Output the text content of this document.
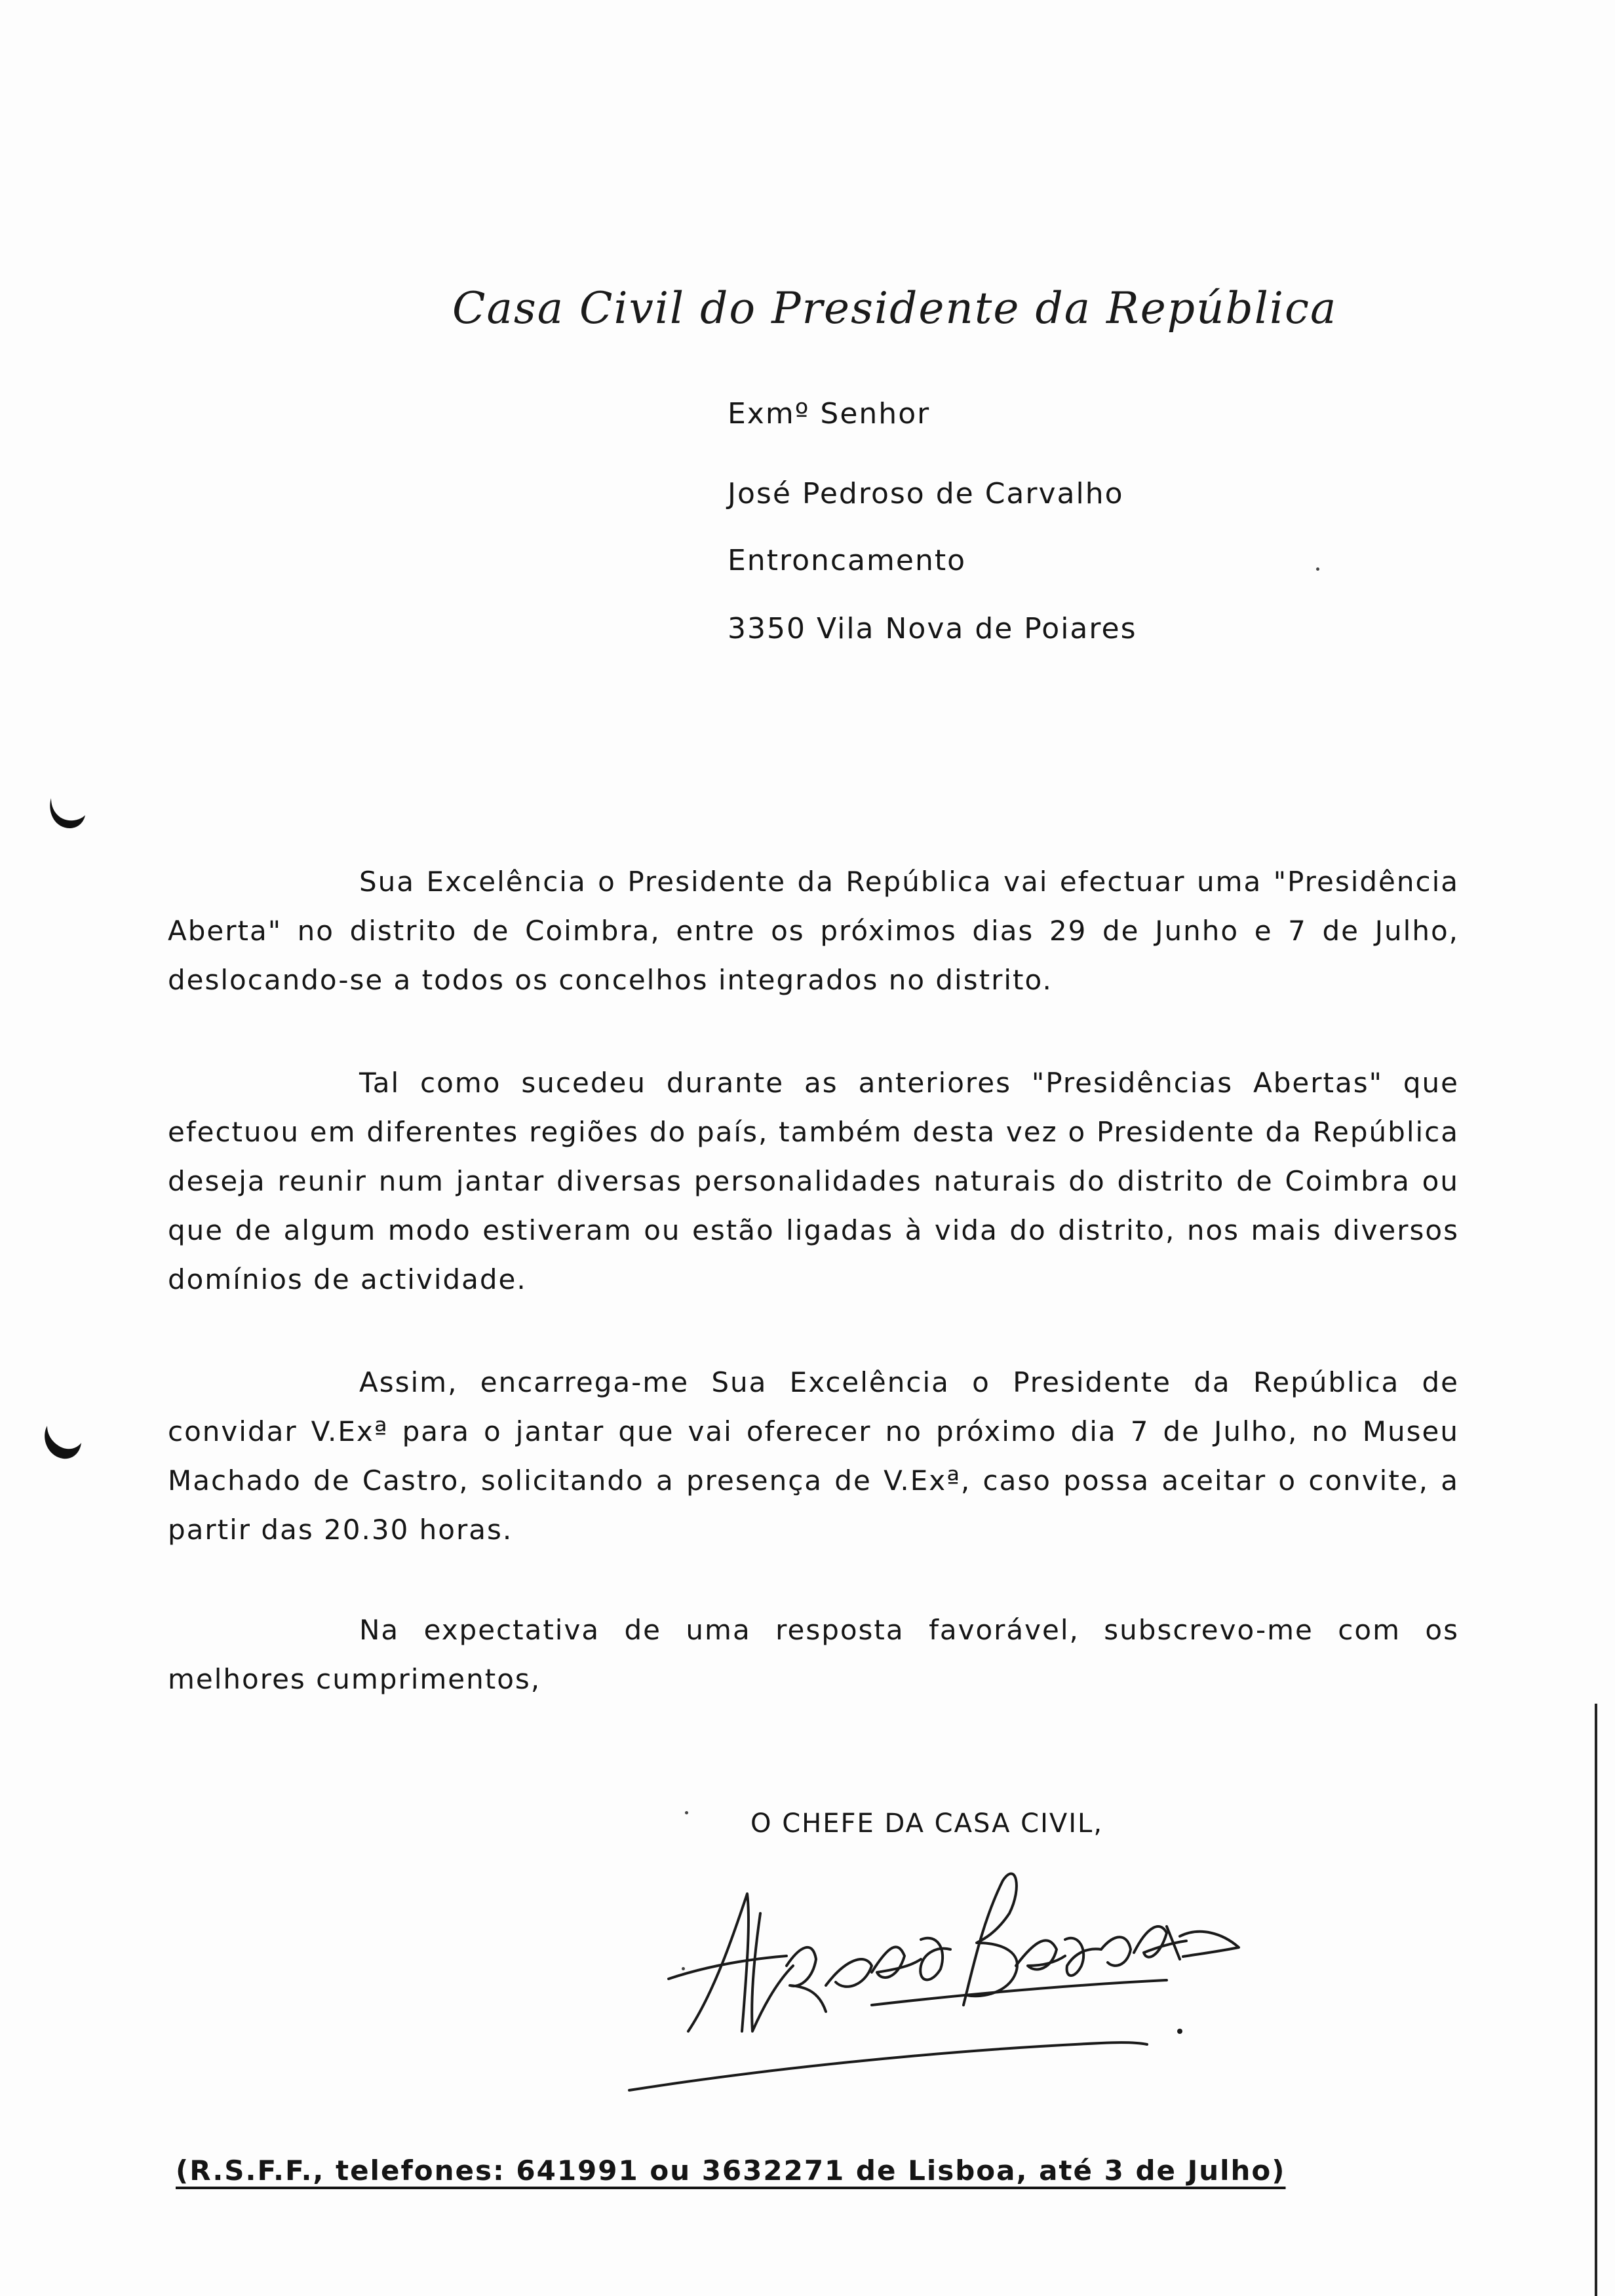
Casa Civil do Presidente da República
Exmº Senhor
José Pedroso de Carvalho
Entroncamento
3350 Vila Nova de Poiares

Sua Excelência o Presidente da República vai efectuar uma "Presidência Aberta" no distrito de Coimbra, entre os próximos dias 29 de Junho e 7 de Julho, deslocando-se a todos os concelhos integrados no distrito.

Tal como sucedeu durante as anteriores "Presidências Abertas" que efectuou em diferentes regiões do país, também desta vez o Presidente da República deseja reunir num jantar diversas personalidades naturais do distrito de Coimbra ou que de algum modo estiveram ou estão ligadas à vida do distrito, nos mais diversos domínios de actividade.

Assim, encarrega-me Sua Excelência o Presidente da República de convidar V.Exª para o jantar que vai oferecer no próximo dia 7 de Julho, no Museu Machado de Castro, solicitando a presença de V.Exª, caso possa aceitar o convite, a partir das 20.30 horas.

Na expectativa de uma resposta favorável, subscrevo-me com os melhores cumprimentos,

O CHEFE DA CASA CIVIL,
(R.S.F.F., telefones: 641991 ou 3632271 de Lisboa, até 3 de Julho)
